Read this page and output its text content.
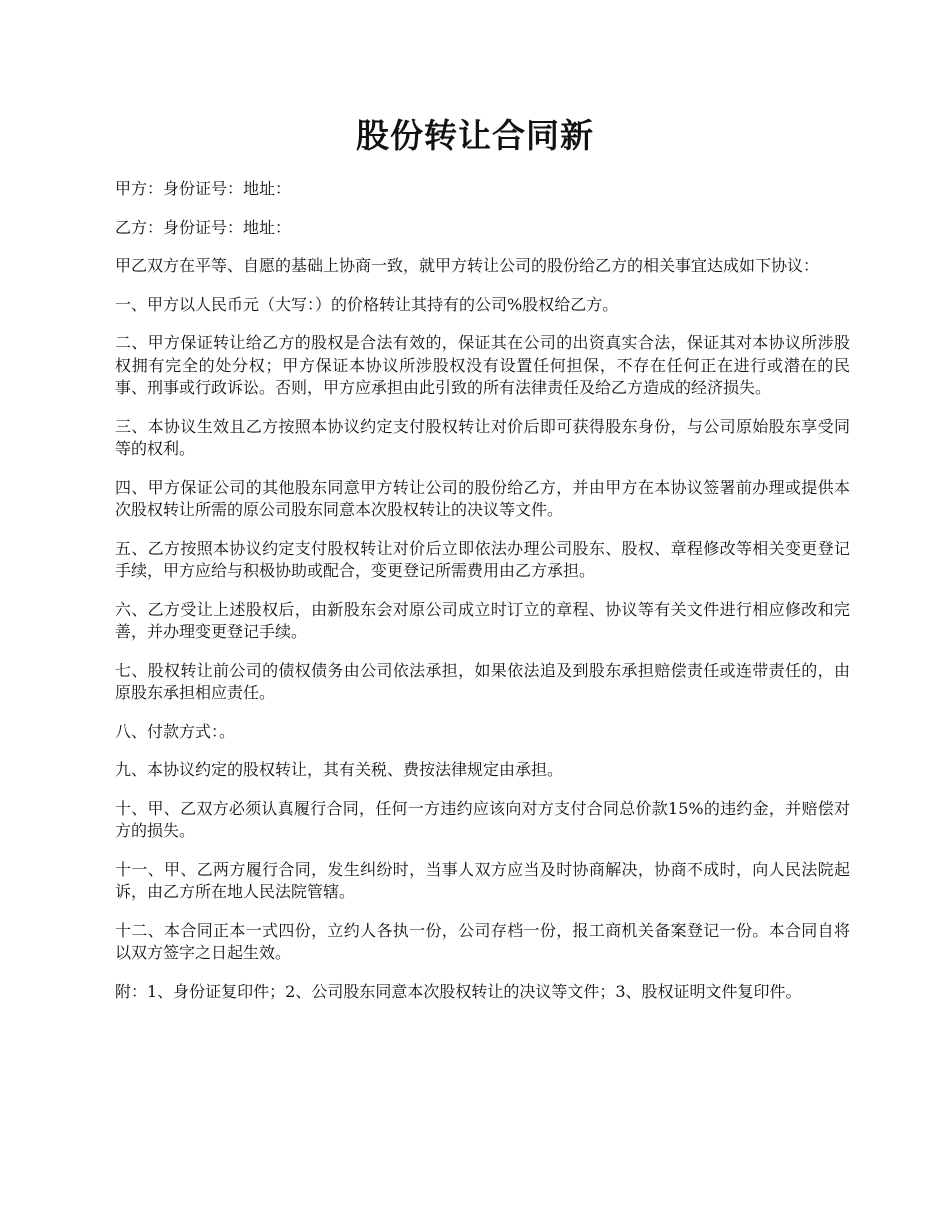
股份转让合同新

甲方：身份证号：地址：

乙方：身份证号：地址：

甲乙双方在平等、自愿的基础上协商一致，就甲方转让公司的股份给乙方的相关事宜达成如下协议：

一、甲方以人民币元（大写：）的价格转让其持有的公司%股权给乙方。

二、甲方保证转让给乙方的股权是合法有效的，保证其在公司的出资真实合法，保证其对本协议所涉股权拥有完全的处分权；甲方保证本协议所涉股权没有设置任何担保，不存在任何正在进行或潜在的民事、刑事或行政诉讼。否则，甲方应承担由此引致的所有法律责任及给乙方造成的经济损失。

三、本协议生效且乙方按照本协议约定支付股权转让对价后即可获得股东身份，与公司原始股东享受同等的权利。

四、甲方保证公司的其他股东同意甲方转让公司的股份给乙方，并由甲方在本协议签署前办理或提供本次股权转让所需的原公司股东同意本次股权转让的决议等文件。

五、乙方按照本协议约定支付股权转让对价后立即依法办理公司股东、股权、章程修改等相关变更登记手续，甲方应给与积极协助或配合，变更登记所需费用由乙方承担。

六、乙方受让上述股权后，由新股东会对原公司成立时订立的章程、协议等有关文件进行相应修改和完善，并办理变更登记手续。

七、股权转让前公司的债权债务由公司依法承担，如果依法追及到股东承担赔偿责任或连带责任的，由原股东承担相应责任。

八、付款方式：。

九、本协议约定的股权转让，其有关税、费按法律规定由承担。

十、甲、乙双方必须认真履行合同，任何一方违约应该向对方支付合同总价款15%的违约金，并赔偿对方的损失。

十一、甲、乙两方履行合同，发生纠纷时，当事人双方应当及时协商解决，协商不成时，向人民法院起诉，由乙方所在地人民法院管辖。

十二、本合同正本一式四份，立约人各执一份，公司存档一份，报工商机关备案登记一份。本合同自将以双方签字之日起生效。

附：1、身份证复印件；2、公司股东同意本次股权转让的决议等文件；3、股权证明文件复印件。
